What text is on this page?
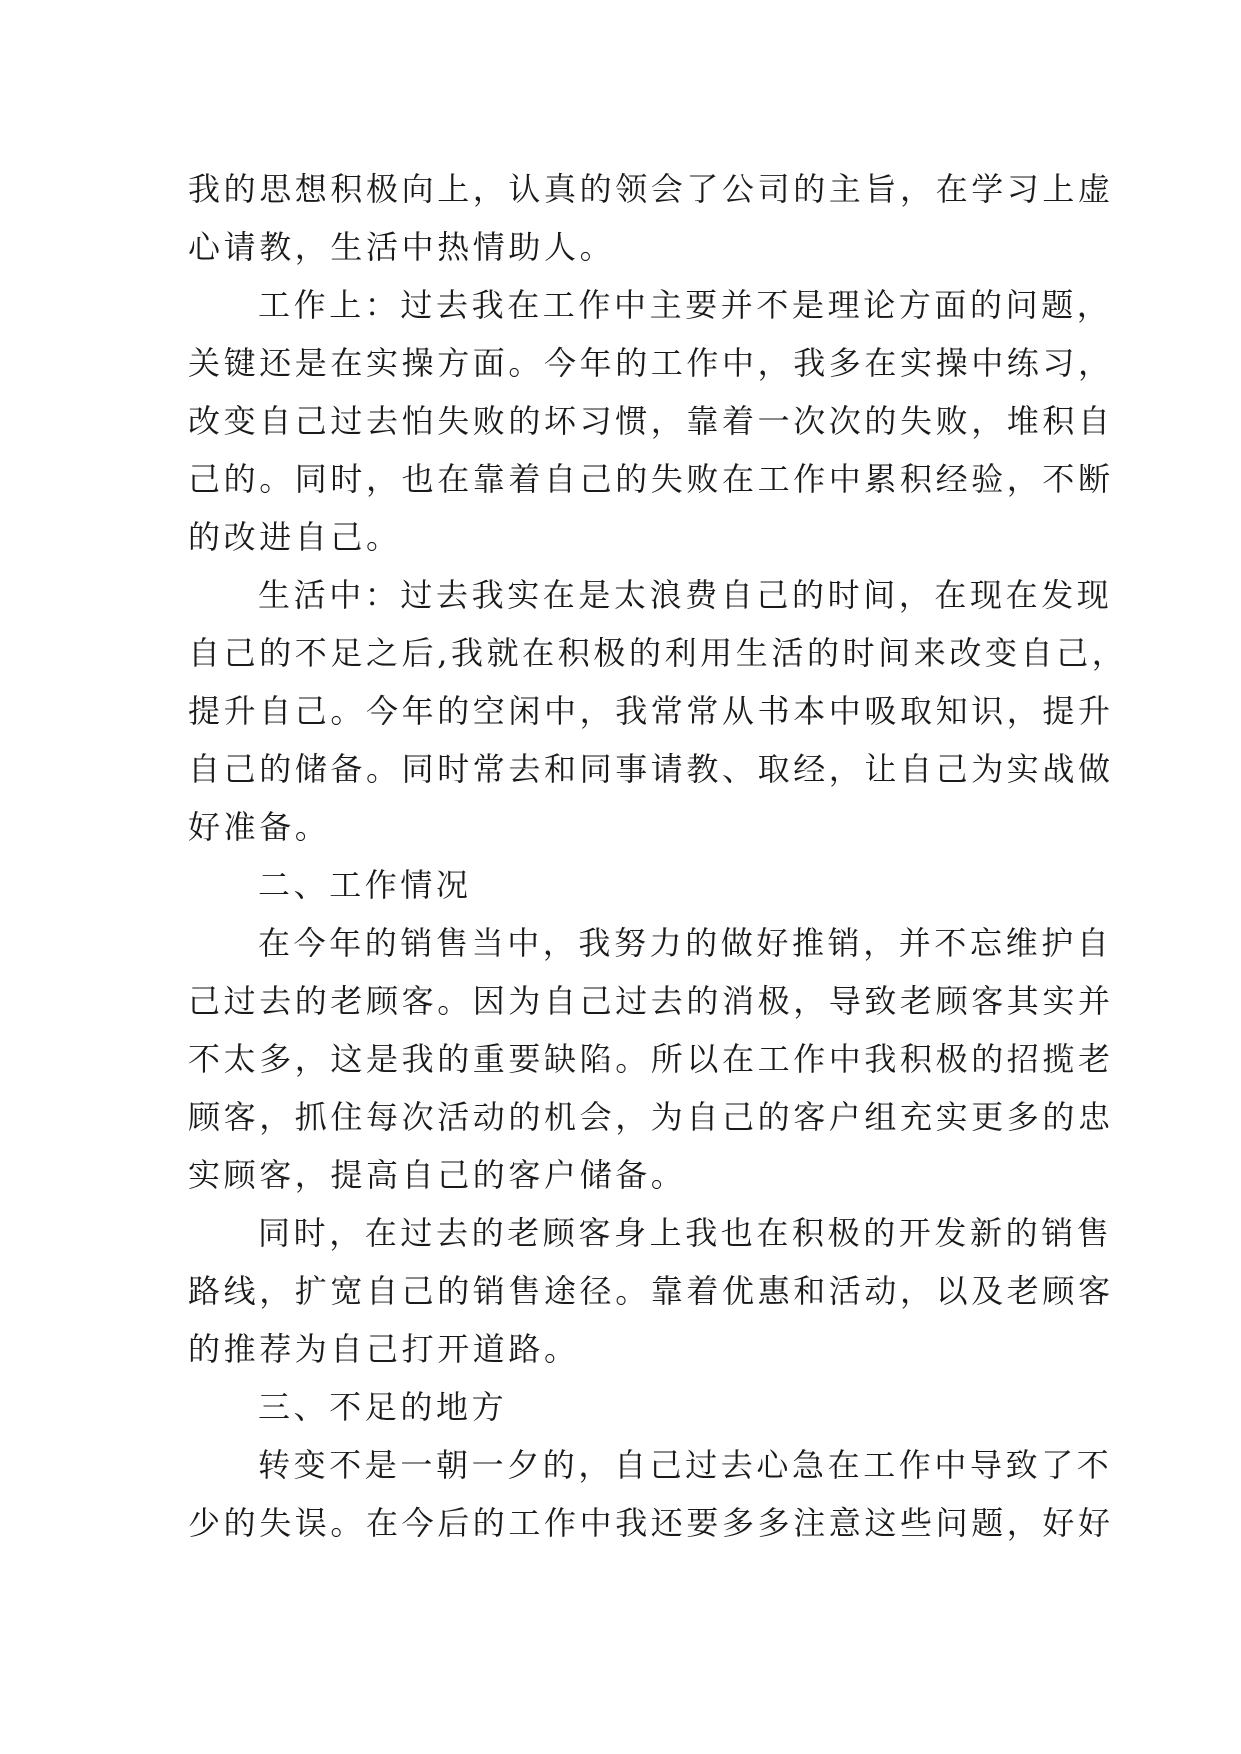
我的思想积极向上，认真的领会了公司的主旨，在学习上虚
心请教，生活中热情助人。
工作上：过去我在工作中主要并不是理论方面的问题，
关键还是在实操方面。今年的工作中，我多在实操中练习，
改变自己过去怕失败的坏习惯，靠着一次次的失败，堆积自
己的。同时，也在靠着自己的失败在工作中累积经验，不断
的改进自己。
生活中：过去我实在是太浪费自己的时间，在现在发现
自己的不足之后,我就在积极的利用生活的时间来改变自己，
提升自己。今年的空闲中，我常常从书本中吸取知识，提升
自己的储备。同时常去和同事请教、取经，让自己为实战做
好准备。
二、工作情况
在今年的销售当中，我努力的做好推销，并不忘维护自
己过去的老顾客。因为自己过去的消极，导致老顾客其实并
不太多，这是我的重要缺陷。所以在工作中我积极的招揽老
顾客，抓住每次活动的机会，为自己的客户组充实更多的忠
实顾客，提高自己的客户储备。
同时，在过去的老顾客身上我也在积极的开发新的销售
路线，扩宽自己的销售途径。靠着优惠和活动，以及老顾客
的推荐为自己打开道路。
三、不足的地方
转变不是一朝一夕的，自己过去心急在工作中导致了不
少的失误。在今后的工作中我还要多多注意这些问题，好好
